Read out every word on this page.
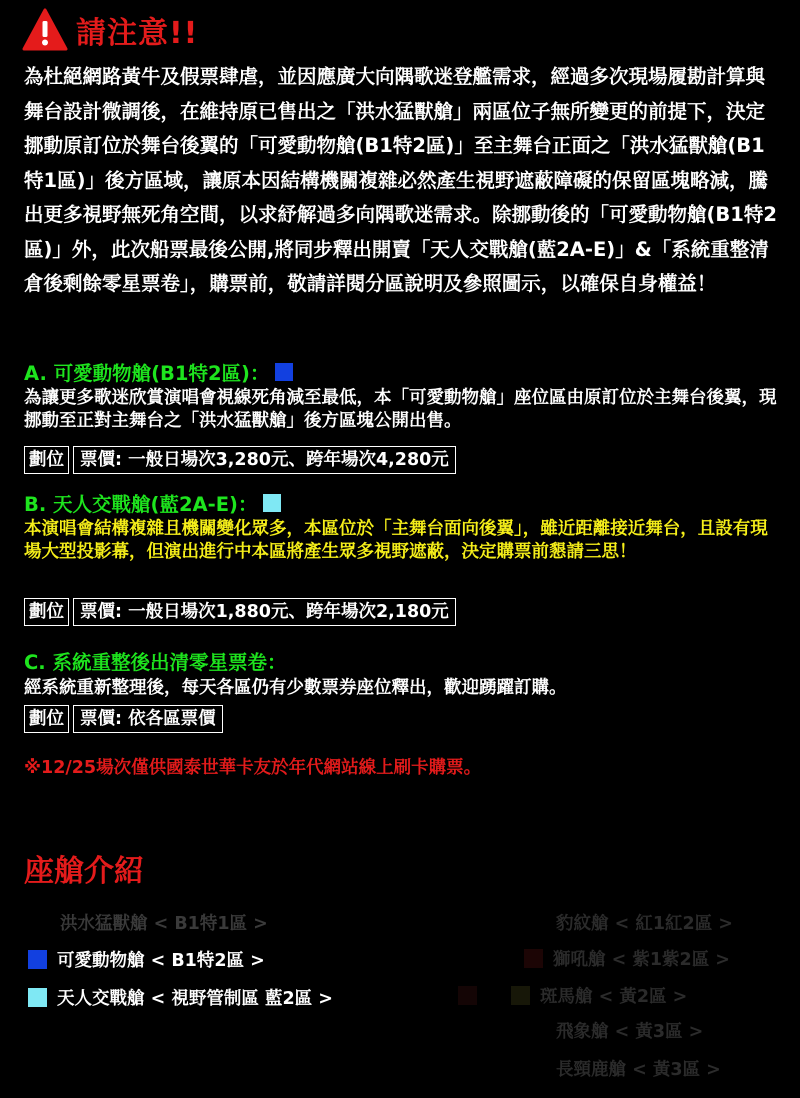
請注意!!
為杜絕網路黃牛及假票肆虐，並因應廣大向隅歌迷登艦需求，經過多次現場履勘計算與舞台設計微調後，在維持原已售出之「洪水猛獸艙」兩區位子無所變更的前提下，決定挪動原訂位於舞台後翼的「可愛動物艙(B1特2區)」至主舞台正面之「洪水猛獸艙(B1特1區)」後方區域，讓原本因結構機關複雜必然產生視野遮蔽障礙的保留區塊略減，騰出更多視野無死角空間，以求紓解過多向隅歌迷需求。除挪動後的「可愛動物艙(B1特2區)」外，此次船票最後公開,將同步釋出開賣「天人交戰艙(藍2A-E)」&「系統重整清倉後剩餘零星票卷」，購票前，敬請詳閱分區說明及參照圖示，以確保自身權益！
A. 可愛動物艙(B1特2區)：
為讓更多歌迷欣賞演唱會視線死角減至最低，本「可愛動物艙」座位區由原訂位於主舞台後翼，現挪動至正對主舞台之「洪水猛獸艙」後方區塊公開出售。
劃位 票價: 一般日場次3,280元、跨年場次4,280元
B. 天人交戰艙(藍2A-E)：
本演唱會結構複雜且機關變化眾多，本區位於「主舞台面向後翼」，雖近距離接近舞台，且設有現場大型投影幕，但演出進行中本區將產生眾多視野遮蔽，決定購票前懇請三思！
劃位 票價: 一般日場次1,880元、跨年場次2,180元
C. 系統重整後出清零星票卷：
經系統重新整理後，每天各區仍有少數票券座位釋出，歡迎踴躍訂購。
劃位 票價: 依各區票價
※12/25場次僅供國泰世華卡友於年代網站線上刷卡購票。
座艙介紹
洪水猛獸艙 < B1特1區 >
可愛動物艙 < B1特2區 >
天人交戰艙 < 視野管制區 藍2區 >
豹紋艙 < 紅1紅2區 >
獅吼艙 < 紫1紫2區 >
斑馬艙 < 黃2區 >
飛象艙 < 黃3區 >
長頸鹿艙 < 黃3區 >
